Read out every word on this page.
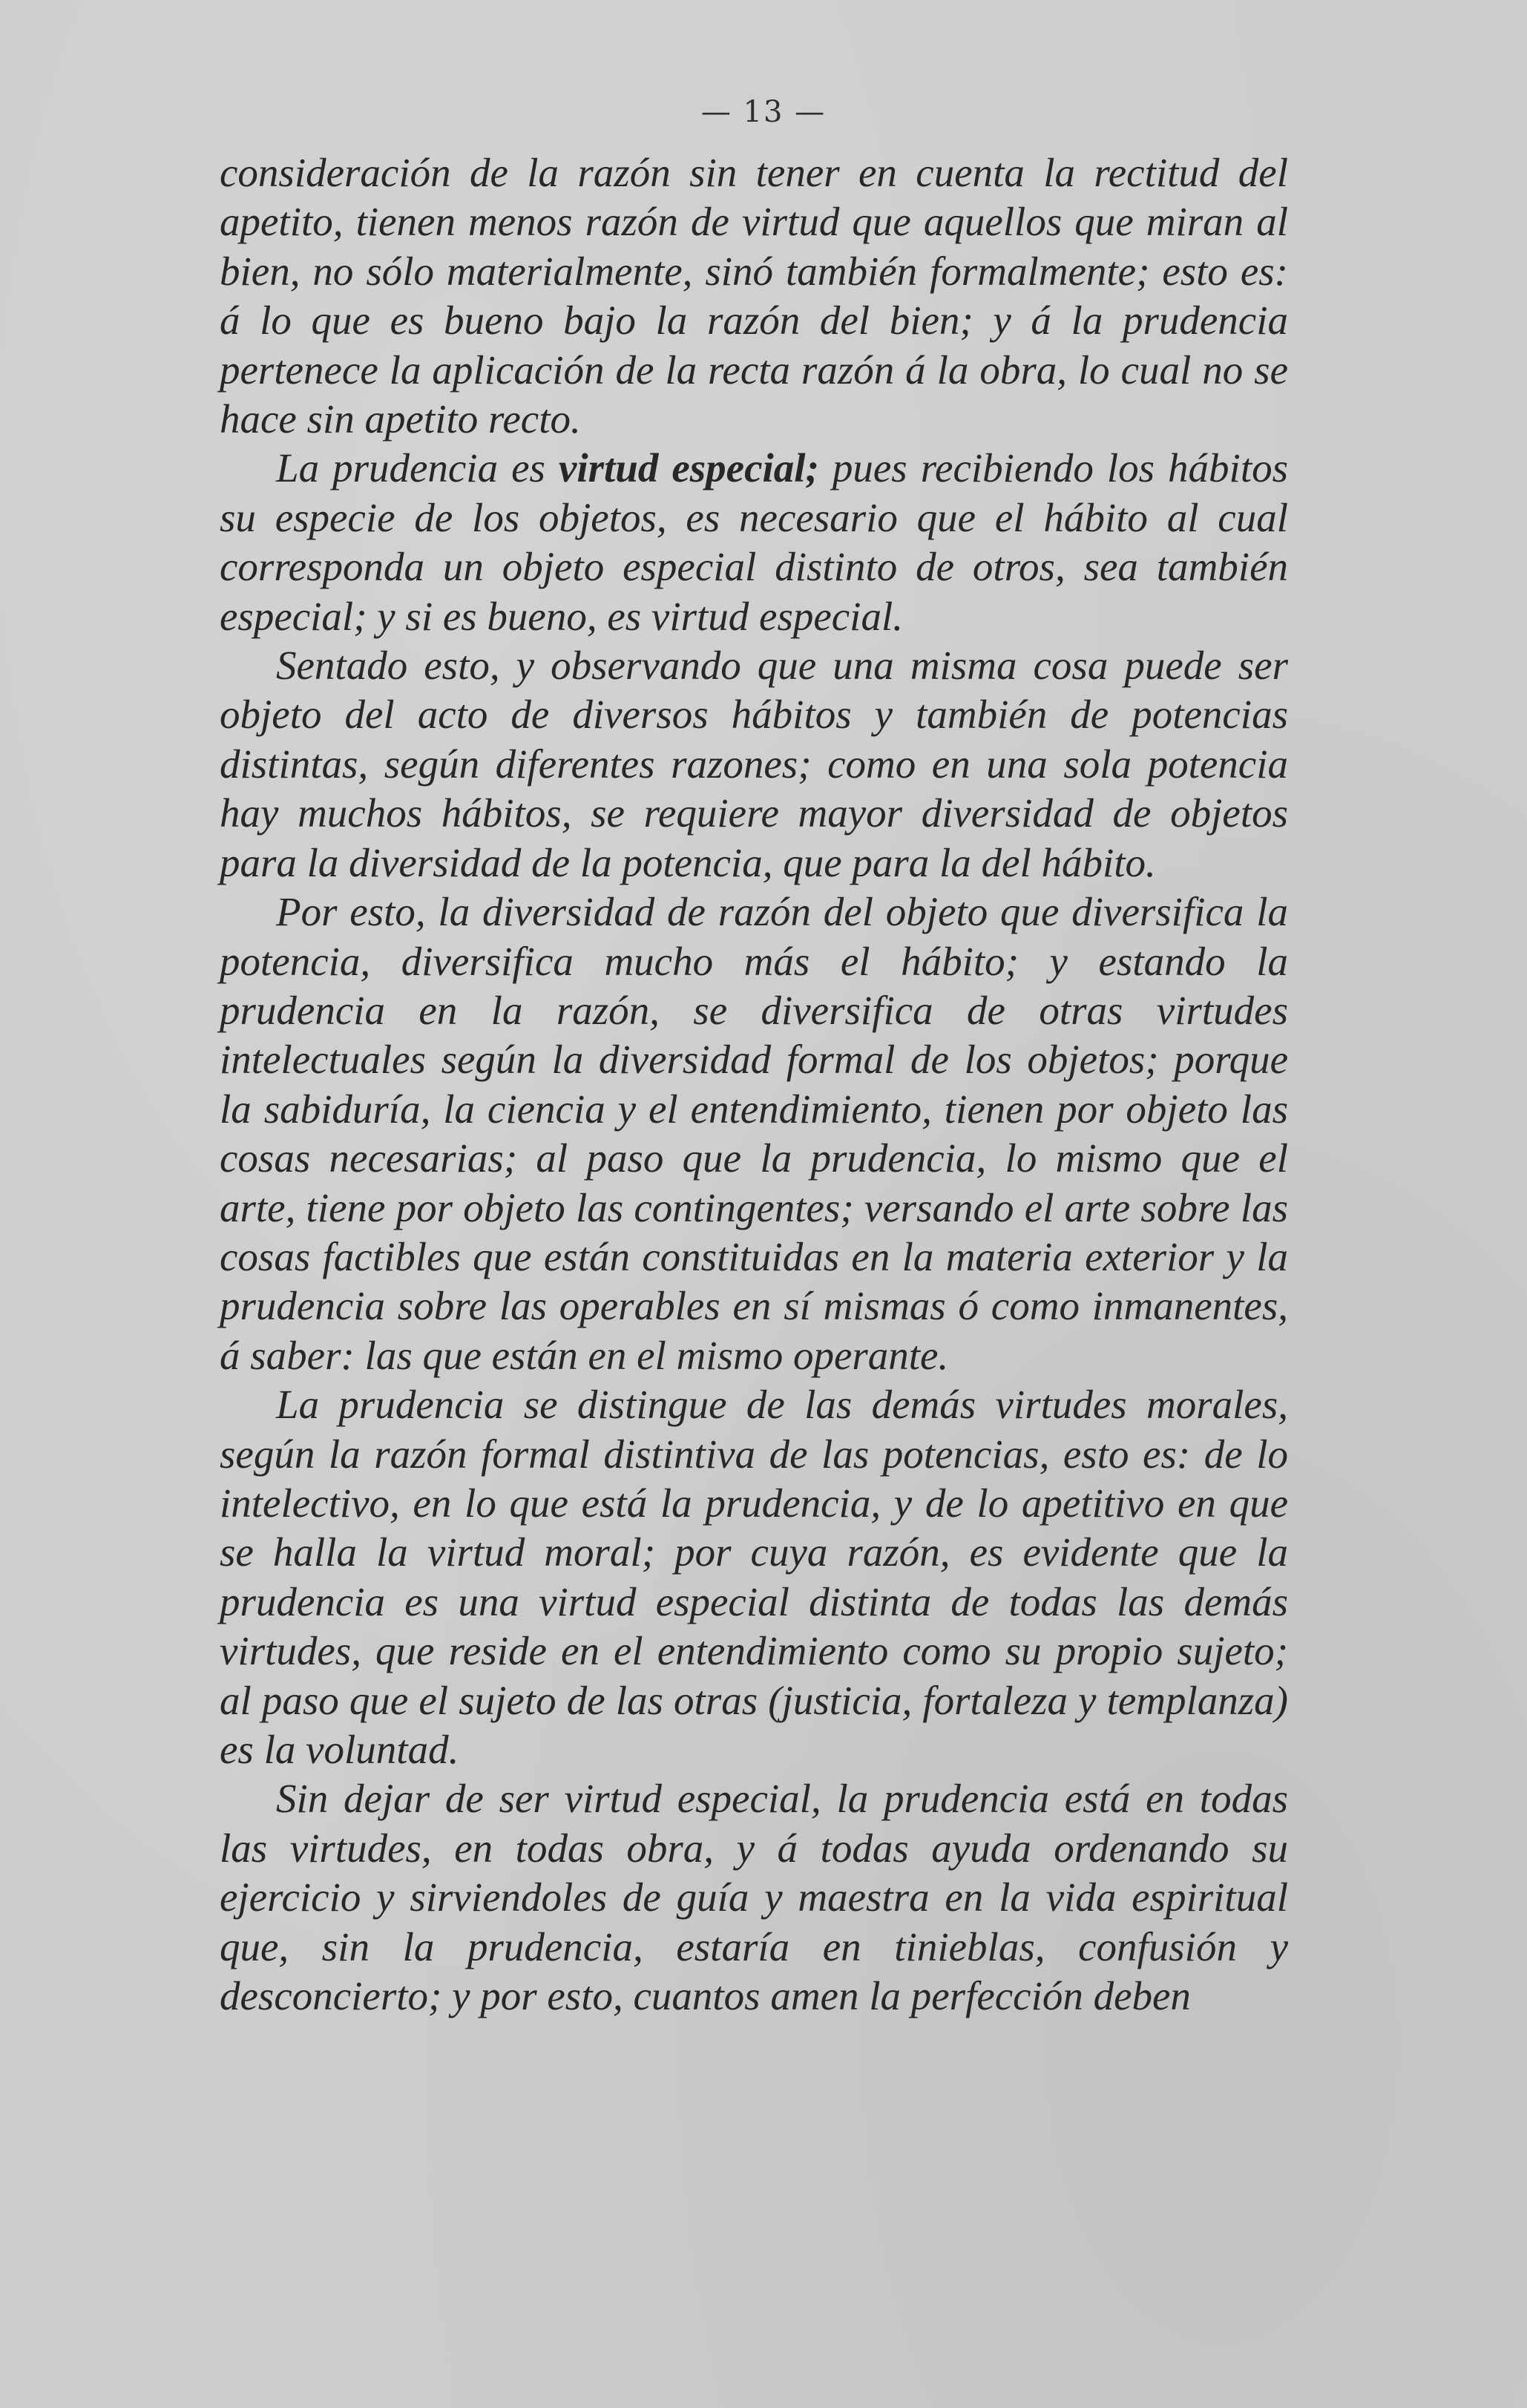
— 13 —

consideración de la razón sin tener en cuenta la rectitud del apetito, tienen menos razón de virtud que aquellos que miran al bien, no sólo materialmente, sinó también formalmente; esto es: á lo que es bueno bajo la razón del bien; y á la prudencia pertenece la aplicación de la recta razón á la obra, lo cual no se hace sin apetito recto.

La prudencia es virtud especial; pues recibiendo los hábitos su especie de los objetos, es necesario que el hábito al cual corresponda un objeto especial distinto de otros, sea también especial; y si es bueno, es virtud especial.

Sentado esto, y observando que una misma cosa puede ser objeto del acto de diversos hábitos y también de potencias distintas, según diferentes razones; como en una sola potencia hay muchos hábitos, se requiere mayor diversidad de objetos para la diversidad de la potencia, que para la del hábito.

Por esto, la diversidad de razón del objeto que diversifica la potencia, diversifica mucho más el hábito; y estando la prudencia en la razón, se diversifica de otras virtudes intelectuales según la diversidad formal de los objetos; porque la sabiduría, la ciencia y el entendimiento, tienen por objeto las cosas necesarias; al paso que la prudencia, lo mismo que el arte, tiene por objeto las contingentes; versando el arte sobre las cosas factibles que están constituidas en la materia exterior y la prudencia sobre las operables en sí mismas ó como inmanentes, á saber: las que están en el mismo operante.

La prudencia se distingue de las demás virtudes morales, según la razón formal distintiva de las potencias, esto es: de lo intelectivo, en lo que está la prudencia, y de lo apetitivo en que se halla la virtud moral; por cuya razón, es evidente que la prudencia es una virtud especial distinta de todas las demás virtudes, que reside en el entendimiento como su propio sujeto; al paso que el sujeto de las otras (justicia, fortaleza y templanza) es la voluntad.

Sin dejar de ser virtud especial, la prudencia está en todas las virtudes, en todas obra, y á todas ayuda ordenando su ejercicio y sirviendoles de guía y maestra en la vida espiritual que, sin la prudencia, estaría en tinieblas, confusión y desconcierto; y por esto, cuantos amen la perfección deben
